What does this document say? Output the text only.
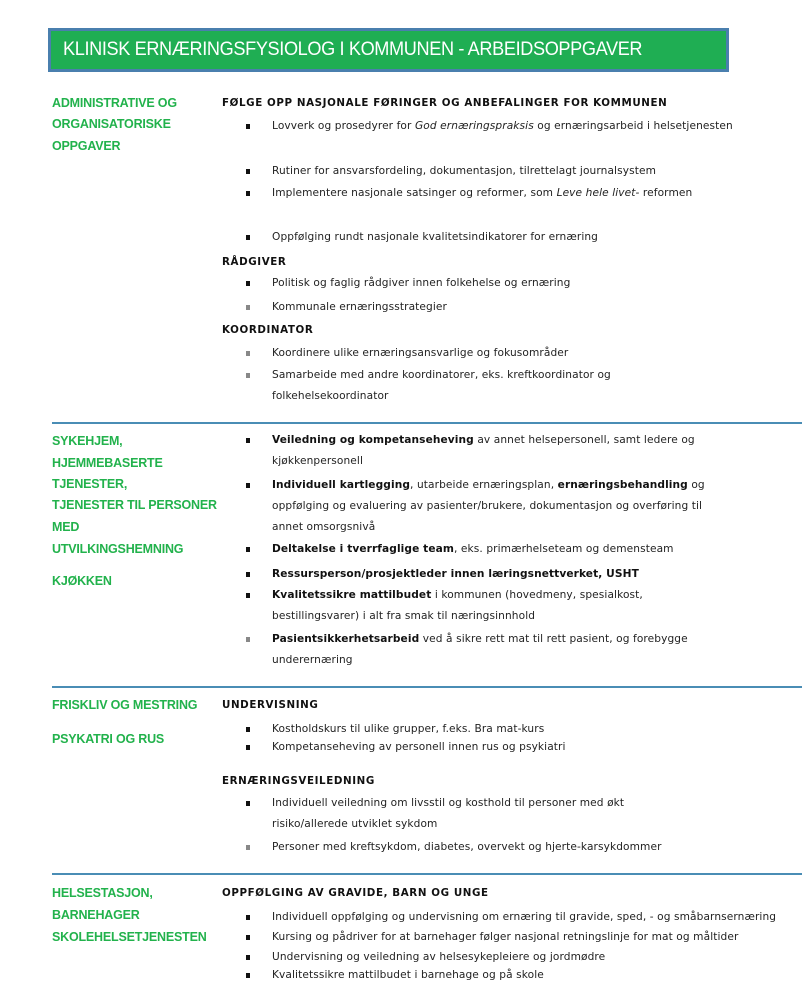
KLINISK ERNÆRINGSFYSIOLOG I KOMMUNEN - ARBEIDSOPPGAVER
ADMINISTRATIVE OG
ORGANISATORISKE
OPPGAVER
FØLGE OPP NASJONALE FØRINGER OG ANBEFALINGER FOR KOMMUNEN
Lovverk og prosedyrer for God ernæringspraksis og ernæringsarbeid i helsetjenesten
Rutiner for ansvarsfordeling, dokumentasjon, tilrettelagt journalsystem
Implementere nasjonale satsinger og reformer, som Leve hele livet- reformen
Oppfølging rundt nasjonale kvalitetsindikatorer for ernæring
RÅDGIVER
Politisk og faglig rådgiver innen folkehelse og ernæring
Kommunale ernæringsstrategier
KOORDINATOR
Koordinere ulike ernæringsansvarlige og fokusområder
Samarbeide med andre koordinatorer, eks. kreftkoordinator og folkehelsekoordinator
SYKEHJEM,
HJEMMEBASERTE
TJENESTER,
TJENESTER TIL PERSONER
MED
UTVILKINGSHEMNING
KJØKKEN
Veiledning og kompetanseheving av annet helsepersonell, samt ledere og kjøkkenpersonell
Individuell kartlegging, utarbeide ernæringsplan, ernæringsbehandling og oppfølging og evaluering av pasienter/brukere, dokumentasjon og overføring til annet omsorgsnivå
Deltakelse i tverrfaglige team, eks. primærhelseteam og demensteam
Ressursperson/prosjektleder innen læringsnettverket, USHT
Kvalitetssikre mattilbudet i kommunen (hovedmeny, spesialkost, bestillingsvarer) i alt fra smak til næringsinnhold
Pasientsikkerhetsarbeid ved å sikre rett mat til rett pasient, og forebygge underernæring
FRISKLIV OG MESTRING
PSYKATRI OG RUS
UNDERVISNING
Kostholdskurs til ulike grupper, f.eks. Bra mat-kurs
Kompetanseheving av personell innen rus og psykiatri
ERNÆRINGSVEILEDNING
Individuell veiledning om livsstil og kosthold til personer med økt risiko/allerede utviklet sykdom
Personer med kreftsykdom, diabetes, overvekt og hjerte-karsykdommer
HELSESTASJON,
BARNEHAGER
SKOLEHELSETJENESTEN
OPPFØLGING AV GRAVIDE, BARN OG UNGE
Individuell oppfølging og undervisning om ernæring til gravide, sped, - og småbarnsernæring
Kursing og pådriver for at barnehager følger nasjonal retningslinje for mat og måltider
Undervisning og veiledning av helsesykepleiere og jordmødre
Kvalitetssikre mattilbudet i barnehage og på skole
